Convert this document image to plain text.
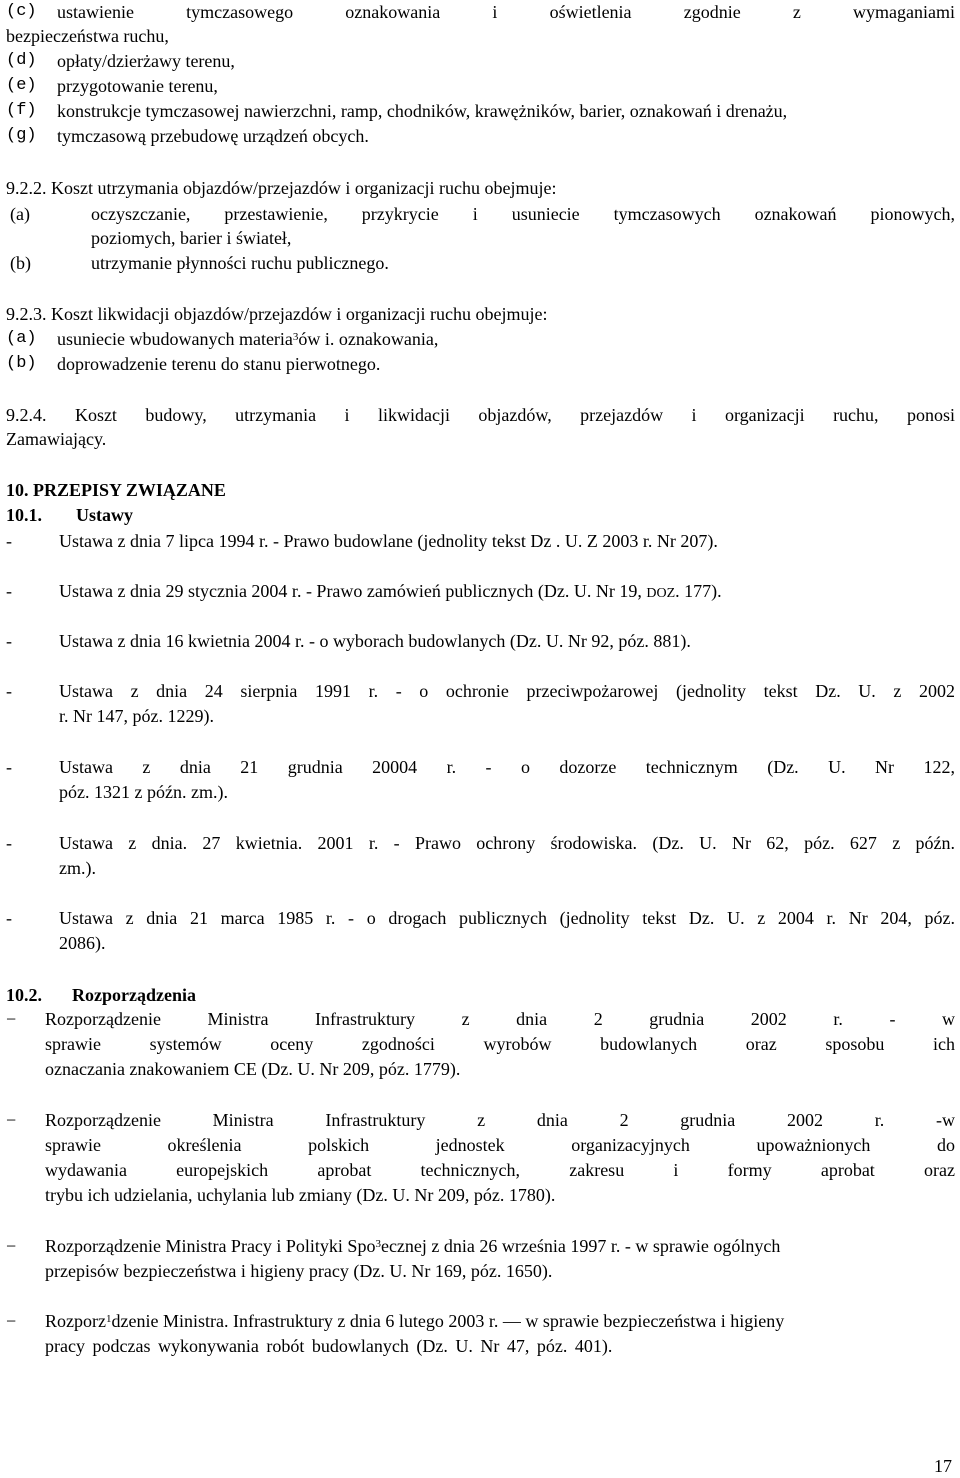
(c) ustawienie tymczasowego oznakowania i oświetlenia zgodnie z wymaganiami
bezpieczeństwa ruchu,
(d) opłaty/dzierżawy terenu,
(e) przygotowanie terenu,
(f) konstrukcje tymczasowej nawierzchni, ramp, chodników, krawężników, barier, oznakowań i drenażu,
(g) tymczasową przebudowę urządzeń obcych.
9.2.2. Koszt utrzymania objazdów/przejazdów i organizacji ruchu obejmuje:
(a)	oczyszczanie, przestawienie, przykrycie i usuniecie tymczasowych oznakowań pionowych,
poziomych, barier i świateł,
(b)	utrzymanie płynności ruchu publicznego.
9.2.3. Koszt likwidacji objazdów/przejazdów i organizacji ruchu obejmuje:
(a) usuniecie wbudowanych materia$^3$ów i. oznakowania,
(b) doprowadzenie terenu do stanu pierwotnego.
9.2.4. Koszt budowy, utrzymania i likwidacji objazdów, przejazdów i organizacji ruchu, ponosi
Zamawiający.
10. PRZEPISY ZWIĄZANE
10.1. Ustawy
-	Ustawa z dnia 7 lipca 1994 r. - Prawo budowlane (jednolity tekst Dz . U. Z 2003 r. Nr 207).
-	Ustawa z dnia 29 stycznia 2004 r. - Prawo zamówień publicznych (Dz. U. Nr 19, DOZ. 177).
-	Ustawa z dnia 16 kwietnia 2004 r. - o wyborach budowlanych (Dz. U. Nr 92, póz. 881).
-	Ustawa z dnia 24 sierpnia 1991 r. - o ochronie przeciwpożarowej (jednolity tekst Dz. U. z 2002
r. Nr 147, póz. 1229).
-	Ustawa z dnia 21 grudnia 20004 r. - o dozorze technicznym (Dz. U. Nr 122,
póz. 1321 z późn. zm.).
-	Ustawa z dnia. 27 kwietnia. 2001 r. - Prawo ochrony środowiska. (Dz. U. Nr 62, póz. 627 z późn.
zm.).
-	Ustawa z dnia 21 marca 1985 r. - o drogach publicznych (jednolity tekst Dz. U. z 2004 r. Nr 204, póz.
2086).
10.2. Rozporządzenia
− Rozporządzenie Ministra Infrastruktury z dnia 2 grudnia 2002 r. - w
sprawie systemów oceny zgodności wyrobów budowlanych oraz sposobu ich
oznaczania znakowaniem CE (Dz. U. Nr 209, póz. 1779).
− Rozporządzenie Ministra Infrastruktury z dnia 2 grudnia 2002 r. -w
sprawie określenia polskich jednostek organizacyjnych upoważnionych do
wydawania europejskich aprobat technicznych, zakresu i formy aprobat oraz
trybu ich udzielania, uchylania lub zmiany (Dz. U. Nr 209, póz. 1780).
− Rozporządzenie Ministra Pracy i Polityki Spo$^3$ecznej z dnia 26 września 1997 r. - w sprawie ogólnych
przepisów bezpieczeństwa i higieny pracy (Dz. U. Nr 169, póz. 1650).
− Rozporz$^1$dzenie Ministra. Infrastruktury z dnia 6 lutego 2003 r. — w sprawie bezpieczeństwa i higieny
pracy podczas wykonywania robót budowlanych (Dz. U. Nr 47, póz. 401).
17
